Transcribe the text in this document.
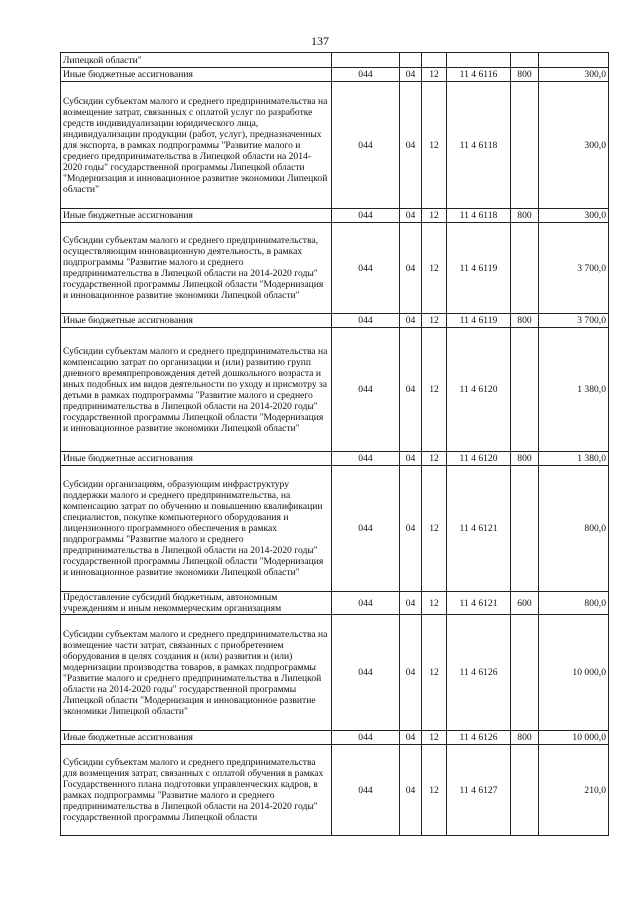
137
Липецкой области"						
Иные бюджетные ассигнования	044	04	12	11 4 6116	800	300,0
Субсидии субъектам малого и среднего предпринимательства на возмещение затрат, связанных с оплатой услуг по разработке средств индивидуализации юридического лица, индивидуализации продукции (работ, услуг), предназначенных для экспорта, в рамках подпрограммы "Развитие малого и среднего предпринимательства в Липецкой области на 2014-2020 годы" государственной программы Липецкой области "Модернизация и инновационное развитие экономики Липецкой области"	044	04	12	11 4 6118		300,0
Иные бюджетные ассигнования	044	04	12	11 4 6118	800	300,0
Субсидии субъектам малого и среднего предпринимательства, осуществляющим инновационную деятельность, в рамках подпрограммы "Развитие малого и среднего предпринимательства в Липецкой области на 2014-2020 годы" государственной программы Липецкой области "Модернизация и инновационное развитие экономики Липецкой области"	044	04	12	11 4 6119		3 700,0
Иные бюджетные ассигнования	044	04	12	11 4 6119	800	3 700,0
Субсидии субъектам малого и среднего предпринимательства на компенсацию затрат по организации и (или) развитию групп дневного времяпрепровождения детей дошкольного возраста и иных подобных им видов деятельности по уходу и присмотру за детьми в рамках подпрограммы "Развитие малого и среднего предпринимательства в Липецкой области на 2014-2020 годы" государственной программы Липецкой области "Модернизация и инновационное развитие экономики Липецкой области"	044	04	12	11 4 6120		1 380,0
Иные бюджетные ассигнования	044	04	12	11 4 6120	800	1 380,0
Субсидии организациям, образующим инфраструктуру поддержки малого и среднего предпринимательства, на компенсацию затрат по обучению и повышению квалификации специалистов, покупке компьютерного оборудования и лицензионного программного обеспечения в рамках подпрограммы "Развитие малого и среднего предпринимательства в Липецкой области на 2014-2020 годы" государственной программы Липецкой области "Модернизация и инновационное развитие экономики Липецкой области"	044	04	12	11 4 6121		800,0
Предоставление субсидий бюджетным, автономным учреждениям и иным некоммерческим организациям	044	04	12	11 4 6121	600	800,0
Субсидии субъектам малого и среднего предпринимательства на возмещение части затрат, связанных с приобретением оборудования в целях создания и (или) развития и (или) модернизации производства товаров, в рамках подпрограммы "Развитие малого и среднего предпринимательства в Липецкой области на 2014-2020 годы" государственной программы Липецкой области "Модернизация и инновационное развитие экономики Липецкой области"	044	04	12	11 4 6126		10 000,0
Иные бюджетные ассигнования	044	04	12	11 4 6126	800	10 000,0
Субсидии субъектам малого и среднего предпринимательства для возмещения затрат, связанных с оплатой обучения в рамках Государственного плана подготовки управленческих кадров, в рамках подпрограммы "Развитие малого и среднего предпринимательства в Липецкой области на 2014-2020 годы" государственной программы Липецкой области	044	04	12	11 4 6127		210,0
